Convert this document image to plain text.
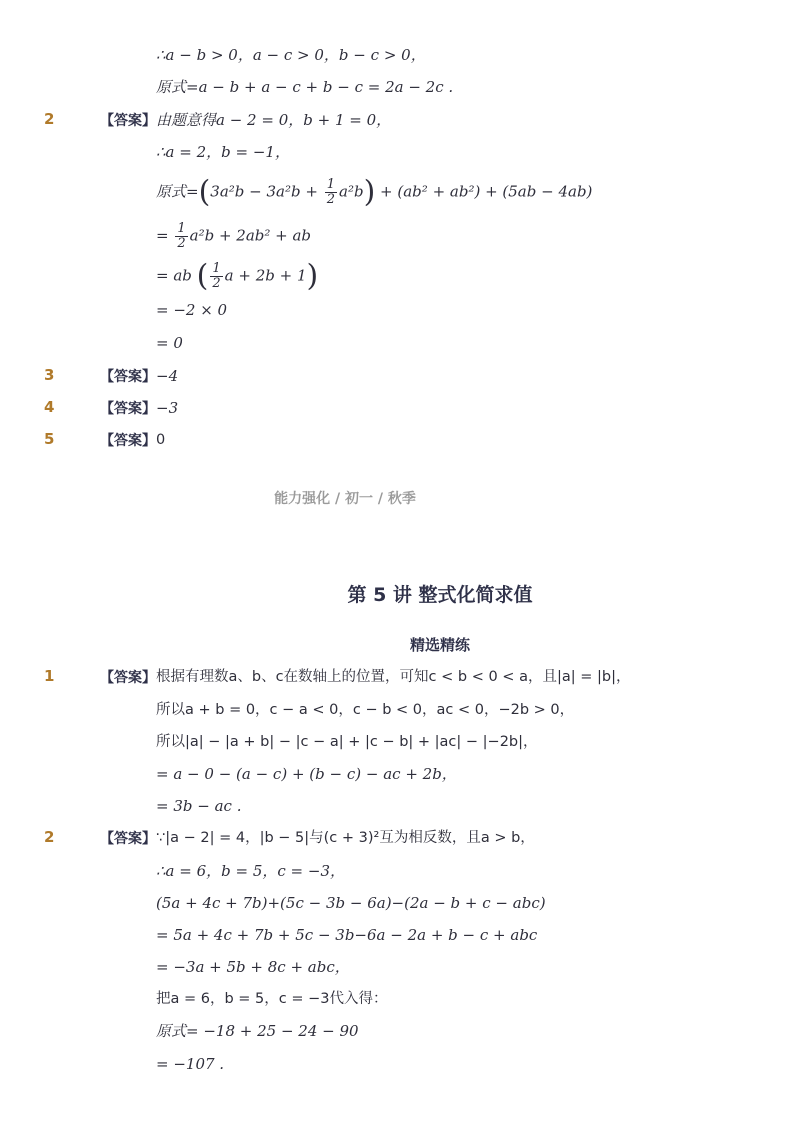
∴a − b > 0，a − c > 0，b − c > 0，
原式=a − b + a − c + b − c = 2a − 2c .
2	【答案】 由题意得a − 2 = 0，b + 1 = 0，
∴a = 2，b = −1，
原式$=(3a^2b - 3a^2b + \frac{1}{2} a^2b) + (ab^2 + ab^2) + (5ab - 4ab)$
= $\frac{1}{2} a^2b + 2ab^2$ + ab
= ab ( $\frac{1}{2}$ a + 2b + 1)
= −2 × 0
= 0
3	【答案】 −4
4	【答案】 −3
5	【答案】 0
能力强化 / 初一 / 秋季
第 5 讲 整式化简求值
精选精练
1	【答案】 根据有理数a、b、c在数轴上的位置，可知c < b < 0 < a，且|a| = |b|，
所以a + b = 0，c − a < 0，c − b < 0，ac < 0，−2b > 0，
所以|a| − |a + b| − |c − a| + |c − b| + |ac| − |−2b|，
= a − 0 − (a − c) + (b − c) − ac + 2b，
= 3b − ac .
2	【答案】 ∵|a − 2| = 4，|b − 5|与(c + 3)²互为相反数，且a > b，
∴a = 6，b = 5，c = −3，
(5a + 4c + 7b)+(5c − 3b − 6a)−(2a − b + c − abc)
= 5a + 4c + 7b + 5c − 3b−6a − 2a + b − c + abc
= −3a + 5b + 8c + abc，
把a = 6，b = 5，c = −3代入得：
原式= −18 + 25 − 24 − 90
= −107 .
